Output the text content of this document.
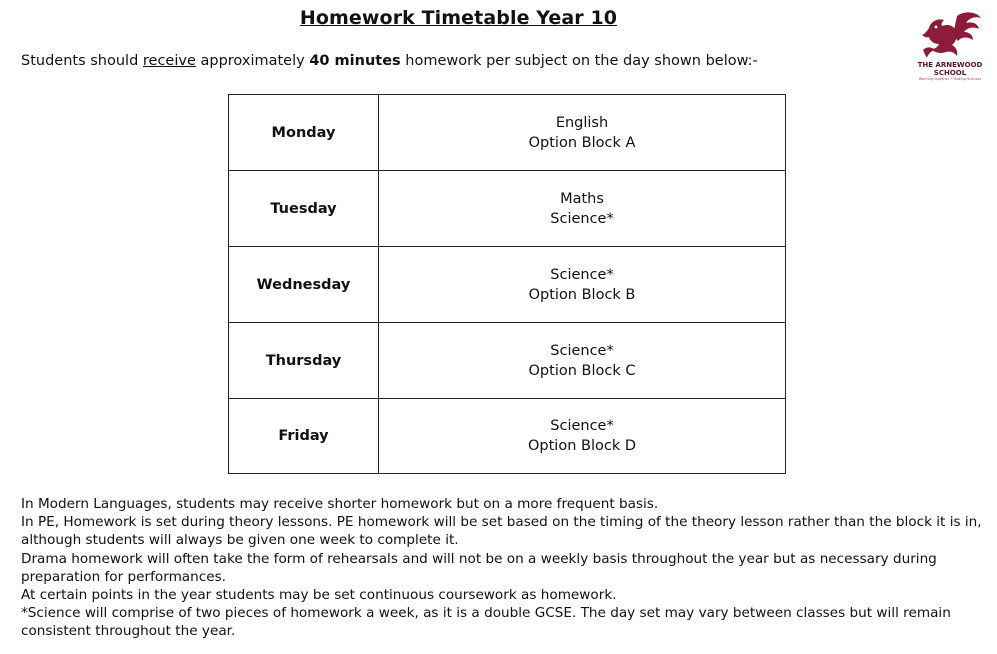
Homework Timetable Year 10
THE ARNEWOOD
SCHOOL
Working together • Making Success
Students should receive approximately 40 minutes homework per subject on the day shown below:-
Monday	English
Option Block A

Tuesday	Maths
Science*

Wednesday	Science*
Option Block B

Thursday	Science*
Option Block C

Friday	Science*
Option Block D

In Modern Languages, students may receive shorter homework but on a more frequent basis.

In PE, Homework is set during theory lessons. PE homework will be set based on the timing of the theory lesson rather than the block it is in, although students will always be given one week to complete it.

Drama homework will often take the form of rehearsals and will not be on a weekly basis throughout the year but as necessary during preparation for performances.

At certain points in the year students may be set continuous coursework as homework.

*Science will comprise of two pieces of homework a week, as it is a double GCSE. The day set may vary between classes but will remain consistent throughout the year.
